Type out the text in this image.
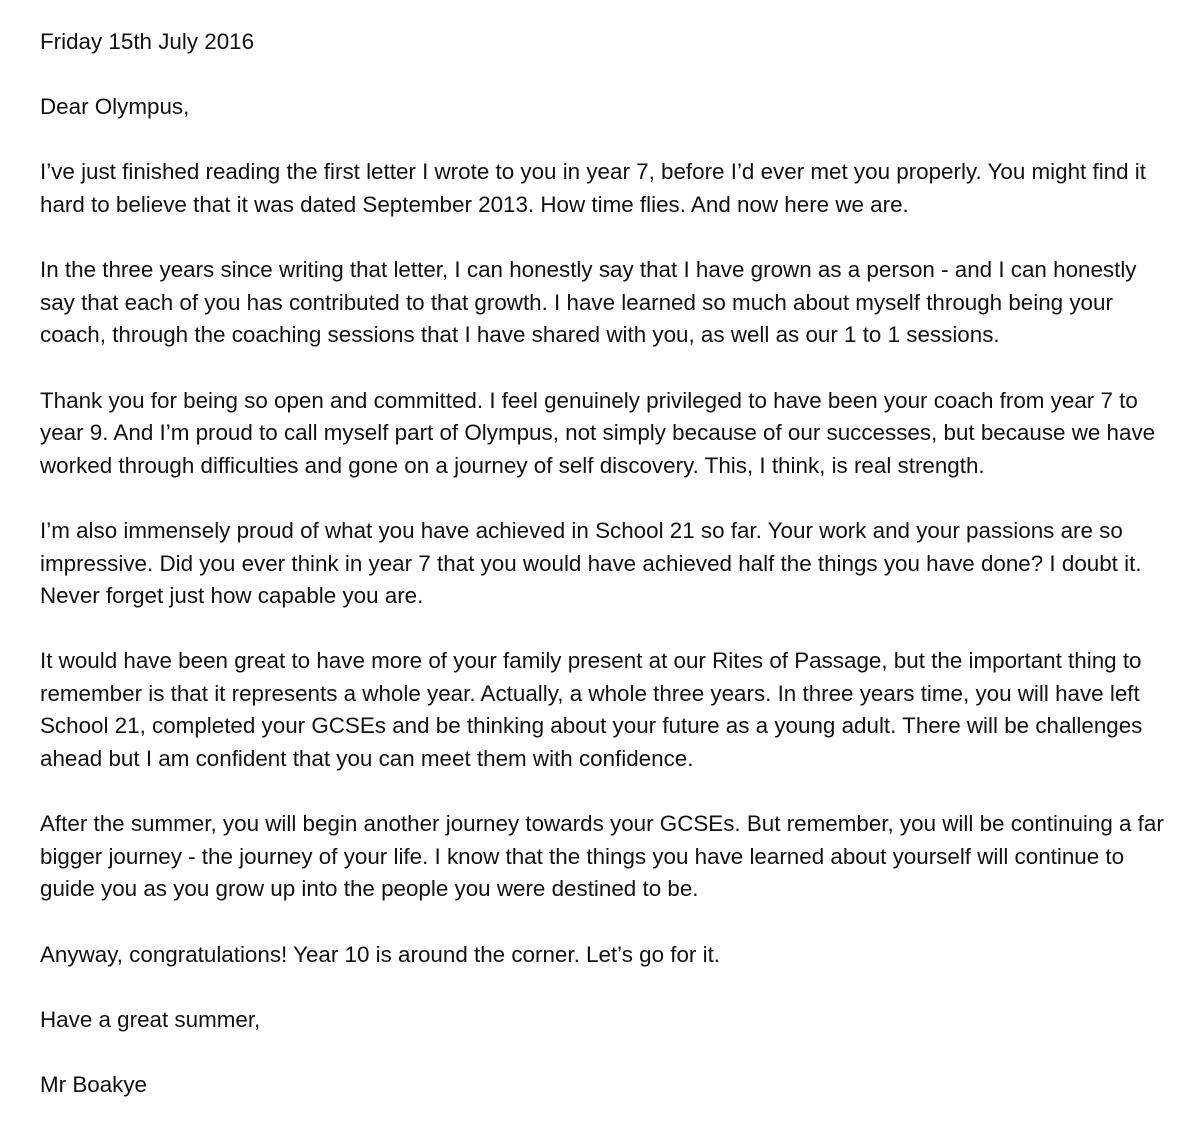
Friday 15th July 2016

Dear Olympus,

I’ve just finished reading the first letter I wrote to you in year 7, before I’d ever met you properly. You might find it hard to believe that it was dated September 2013. How time flies. And now here we are.

In the three years since writing that letter, I can honestly say that I have grown as a person - and I can honestly say that each of you has contributed to that growth. I have learned so much about myself through being your coach, through the coaching sessions that I have shared with you, as well as our 1 to 1 sessions.

Thank you for being so open and committed. I feel genuinely privileged to have been your coach from year 7 to year 9. And I’m proud to call myself part of Olympus, not simply because of our successes, but because we have worked through difficulties and gone on a journey of self discovery. This, I think, is real strength.

I’m also immensely proud of what you have achieved in School 21 so far. Your work and your passions are so impressive. Did you ever think in year 7 that you would have achieved half the things you have done? I doubt it. Never forget just how capable you are.

It would have been great to have more of your family present at our Rites of Passage, but the important thing to remember is that it represents a whole year. Actually, a whole three years. In three years time, you will have left School 21, completed your GCSEs and be thinking about your future as a young adult. There will be challenges ahead but I am confident that you can meet them with confidence.

After the summer, you will begin another journey towards your GCSEs. But remember, you will be continuing a far bigger journey - the journey of your life. I know that the things you have learned about yourself will continue to guide you as you grow up into the people you were destined to be.

Anyway, congratulations! Year 10 is around the corner. Let’s go for it.

Have a great summer,

Mr Boakye
